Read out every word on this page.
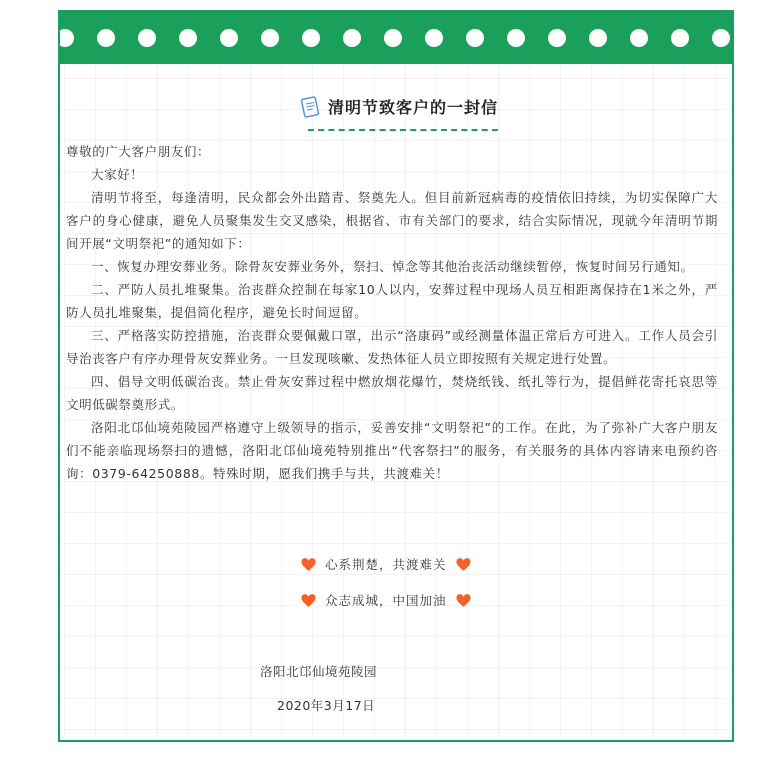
清明节致客户的一封信

尊敬的广大客户朋友们：

大家好！

清明节将至，每逢清明，民众都会外出踏青、祭奠先人。但目前新冠病毒的疫情依旧持续，为切实保障广大客户的身心健康，避免人员聚集发生交叉感染，根据省、市有关部门的要求，结合实际情况，现就今年清明节期间开展“文明祭祀”的通知如下：

一、恢复办理安葬业务。除骨灰安葬业务外，祭扫、悼念等其他治丧活动继续暂停，恢复时间另行通知。

二、严防人员扎堆聚集。治丧群众控制在每家10人以内，安葬过程中现场人员互相距离保持在1米之外，严防人员扎堆聚集，提倡简化程序，避免长时间逗留。

三、严格落实防控措施，治丧群众要佩戴口罩，出示“洛康码”或经测量体温正常后方可进入。工作人员会引导治丧客户有序办理骨灰安葬业务。一旦发现咳嗽、发热体征人员立即按照有关规定进行处置。

四、倡导文明低碳治丧。禁止骨灰安葬过程中燃放烟花爆竹，焚烧纸钱、纸扎等行为，提倡鲜花寄托哀思等文明低碳祭奠形式。

洛阳北邙仙境苑陵园严格遵守上级领导的指示，妥善安排“文明祭祀”的工作。在此，为了弥补广大客户朋友们不能亲临现场祭扫的遗憾，洛阳北邙仙境苑特别推出“代客祭扫”的服务，有关服务的具体内容请来电预约咨询：0379-64250888。特殊时期，愿我们携手与共，共渡难关！

心系荆楚，共渡难关
众志成城，中国加油
洛阳北邙仙境苑陵园
2020年3月17日
